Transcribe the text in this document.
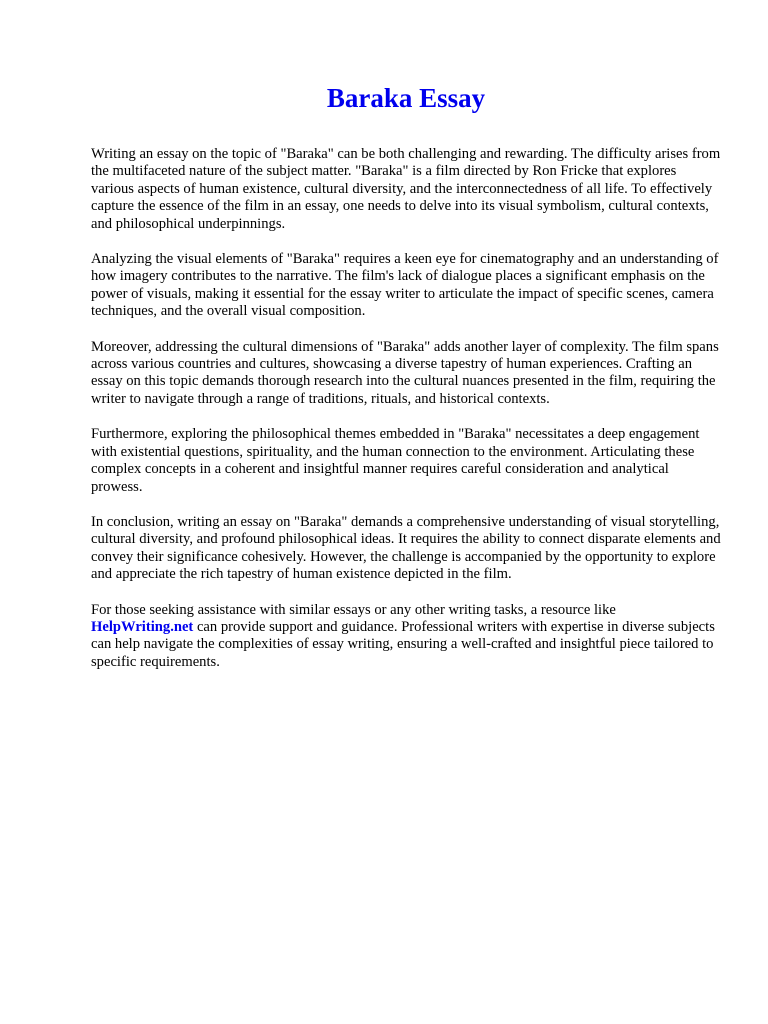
Baraka Essay

Writing an essay on the topic of "Baraka" can be both challenging and rewarding. The difficulty arises from the multifaceted nature of the subject matter. "Baraka" is a film directed by Ron Fricke that explores various aspects of human existence, cultural diversity, and the interconnectedness of all life. To effectively capture the essence of the film in an essay, one needs to delve into its visual symbolism, cultural contexts, and philosophical underpinnings.

Analyzing the visual elements of "Baraka" requires a keen eye for cinematography and an understanding of how imagery contributes to the narrative. The film's lack of dialogue places a significant emphasis on the power of visuals, making it essential for the essay writer to articulate the impact of specific scenes, camera techniques, and the overall visual composition.

Moreover, addressing the cultural dimensions of "Baraka" adds another layer of complexity. The film spans across various countries and cultures, showcasing a diverse tapestry of human experiences. Crafting an essay on this topic demands thorough research into the cultural nuances presented in the film, requiring the writer to navigate through a range of traditions, rituals, and historical contexts.

Furthermore, exploring the philosophical themes embedded in "Baraka" necessitates a deep engagement with existential questions, spirituality, and the human connection to the environment. Articulating these complex concepts in a coherent and insightful manner requires careful consideration and analytical prowess.

In conclusion, writing an essay on "Baraka" demands a comprehensive understanding of visual storytelling, cultural diversity, and profound philosophical ideas. It requires the ability to connect disparate elements and convey their significance cohesively. However, the challenge is accompanied by the opportunity to explore and appreciate the rich tapestry of human existence depicted in the film.

For those seeking assistance with similar essays or any other writing tasks, a resource like HelpWriting.net can provide support and guidance. Professional writers with expertise in diverse subjects can help navigate the complexities of essay writing, ensuring a well-crafted and insightful piece tailored to specific requirements.
